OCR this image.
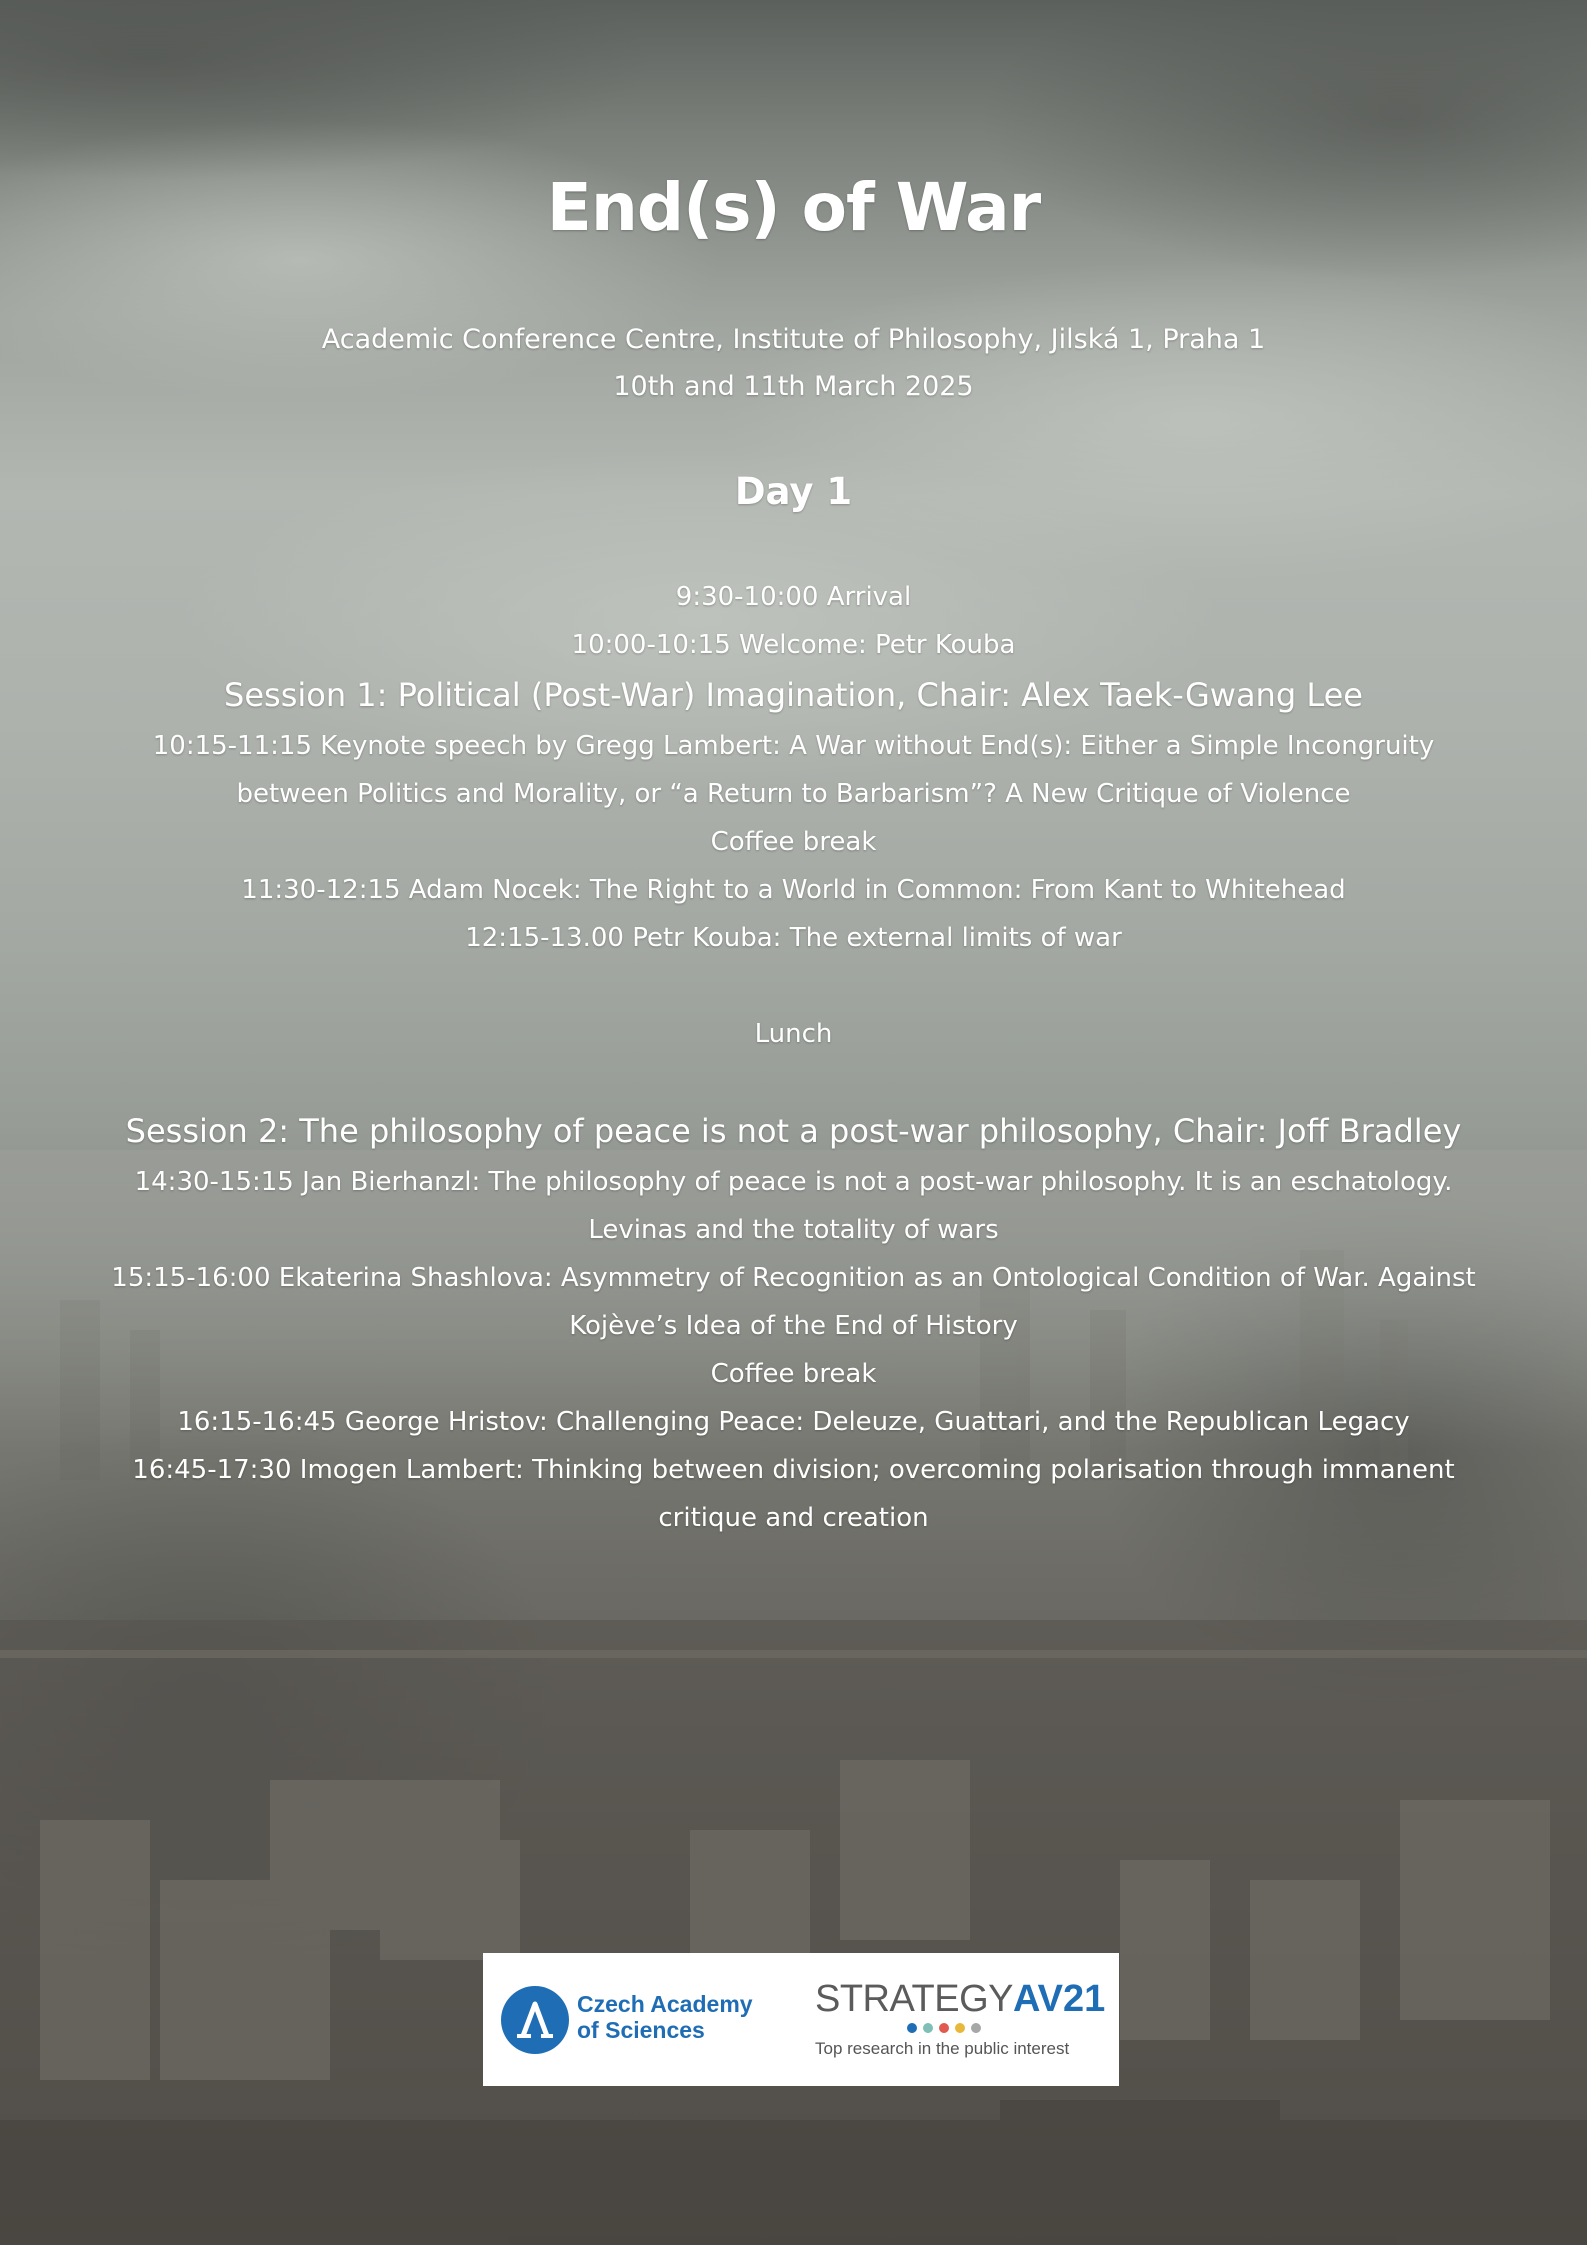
End(s) of War
Academic Conference Centre, Institute of Philosophy, Jilská 1, Praha 1
10th and 11th March 2025
Day 1

9:30-10:00 Arrival

10:00-10:15 Welcome: Petr Kouba

Session 1: Political (Post-War) Imagination, Chair: Alex Taek-Gwang Lee

10:15-11:15 Keynote speech by Gregg Lambert: A War without End(s): Either a Simple Incongruity between Politics and Morality, or “a Return to Barbarism”? A New Critique of Violence

Coffee break

11:30-12:15 Adam Nocek: The Right to a World in Common: From Kant to Whitehead

12:15-13.00 Petr Kouba: The external limits of war

Lunch

Session 2: The philosophy of peace is not a post-war philosophy, Chair: Joff Bradley

14:30-15:15 Jan Bierhanzl: The philosophy of peace is not a post-war philosophy. It is an eschatology. Levinas and the totality of wars

15:15-16:00 Ekaterina Shashlova: Asymmetry of Recognition as an Ontological Condition of War. Against Kojève’s Idea of the End of History

Coffee break

16:15-16:45 George Hristov: Challenging Peace: Deleuze, Guattari, and the Republican Legacy

16:45-17:30 Imogen Lambert: Thinking between division; overcoming polarisation through immanent critique and creation

Czech Academy
of Sciences
STRATEGYAV21
Top research in the public interest
